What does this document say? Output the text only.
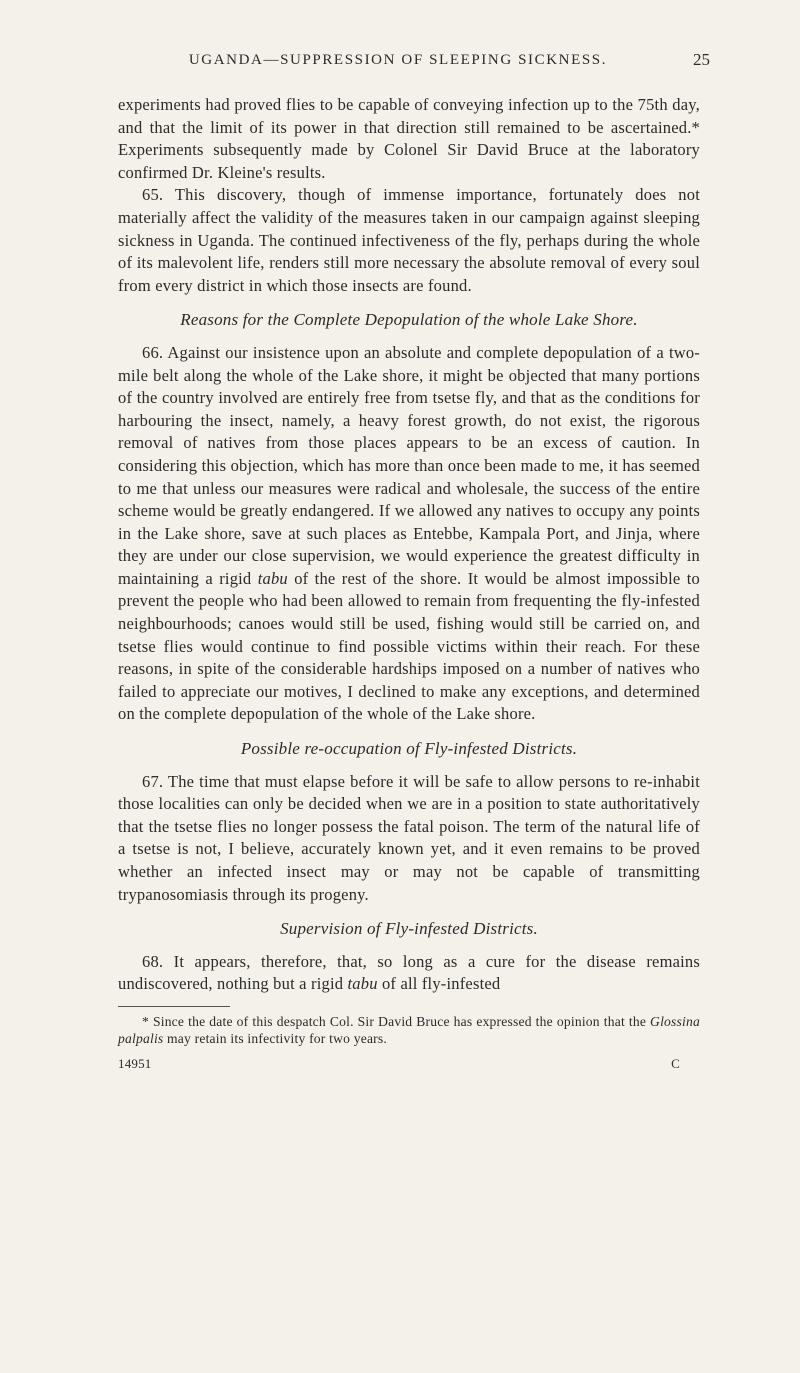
UGANDA—SUPPRESSION OF SLEEPING SICKNESS.	25

experiments had proved flies to be capable of conveying infection up to the 75th day, and that the limit of its power in that direction still remained to be ascertained.* Experiments subsequently made by Colonel Sir David Bruce at the laboratory confirmed Dr. Kleine's results.

65. This discovery, though of immense importance, fortunately does not materially affect the validity of the measures taken in our campaign against sleeping sickness in Uganda. The continued infectiveness of the fly, perhaps during the whole of its malevolent life, renders still more necessary the absolute removal of every soul from every district in which those insects are found.

Reasons for the Complete Depopulation of the whole Lake Shore.

66. Against our insistence upon an absolute and complete depopulation of a two-mile belt along the whole of the Lake shore, it might be objected that many portions of the country involved are entirely free from tsetse fly, and that as the conditions for harbouring the insect, namely, a heavy forest growth, do not exist, the rigorous removal of natives from those places appears to be an excess of caution. In considering this objection, which has more than once been made to me, it has seemed to me that unless our measures were radical and wholesale, the success of the entire scheme would be greatly endangered. If we allowed any natives to occupy any points in the Lake shore, save at such places as Entebbe, Kampala Port, and Jinja, where they are under our close supervision, we would experience the greatest difficulty in maintaining a rigid tabu of the rest of the shore. It would be almost impossible to prevent the people who had been allowed to remain from frequenting the fly-infested neighbourhoods; canoes would still be used, fishing would still be carried on, and tsetse flies would continue to find possible victims within their reach. For these reasons, in spite of the considerable hardships imposed on a number of natives who failed to appreciate our motives, I declined to make any exceptions, and determined on the complete depopulation of the whole of the Lake shore.

Possible re-occupation of Fly-infested Districts.

67. The time that must elapse before it will be safe to allow persons to re-inhabit those localities can only be decided when we are in a position to state authoritatively that the tsetse flies no longer possess the fatal poison. The term of the natural life of a tsetse is not, I believe, accurately known yet, and it even remains to be proved whether an infected insect may or may not be capable of transmitting trypanosomiasis through its progeny.

Supervision of Fly-infested Districts.

68. It appears, therefore, that, so long as a cure for the disease remains undiscovered, nothing but a rigid tabu of all fly-infested

* Since the date of this despatch Col. Sir David Bruce has expressed the opinion that the Glossina palpalis may retain its infectivity for two years.

14951	C
